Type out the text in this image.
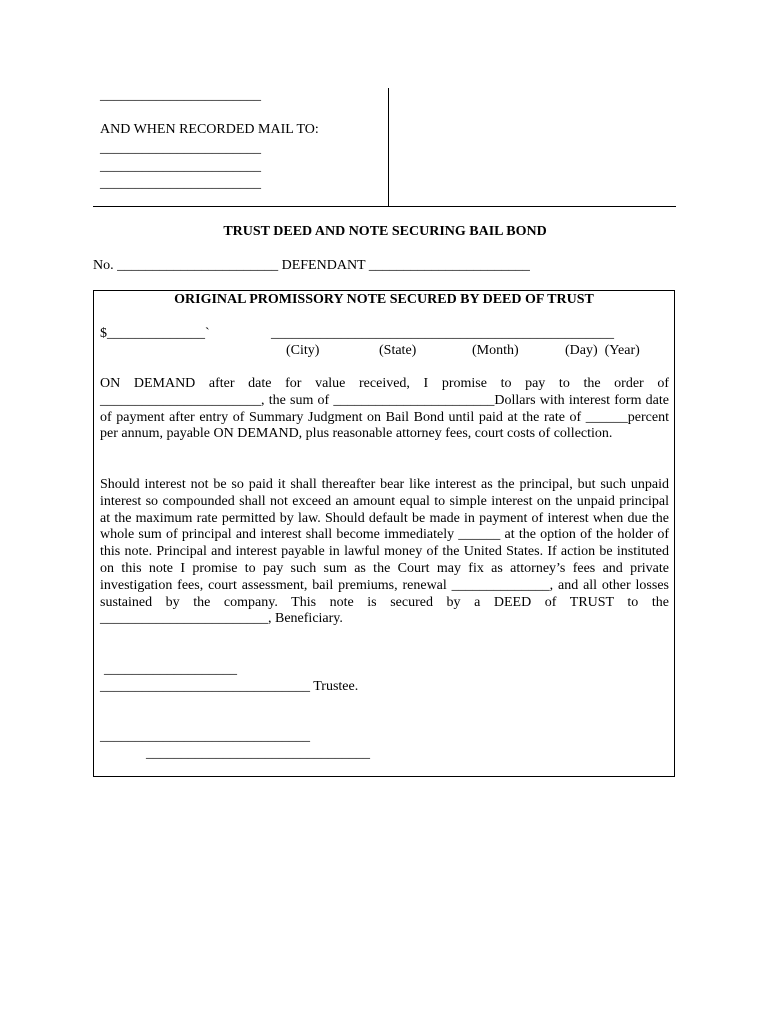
_______________________
AND WHEN RECORDED MAIL TO:
_______________________
_______________________
_______________________
TRUST DEED AND NOTE SECURING BAIL BOND
No. _______________________ DEFENDANT _______________________
ORIGINAL PROMISSORY NOTE SECURED BY DEED OF TRUST
$______________`	_________________________________________________
(City)	(State)	(Month)	(Day)  (Year)
ON DEMAND after date for value received, I promise to pay to the order of _______________________, the sum of _______________________Dollars with interest form date of payment after entry of Summary Judgment on Bail Bond until paid at the rate of ______percent per annum, payable ON DEMAND, plus reasonable attorney fees, court costs of collection.
Should interest not be so paid it shall thereafter bear like interest as the principal, but such unpaid interest so compounded shall not exceed an amount equal to simple interest on the unpaid principal at the maximum rate permitted by law. Should default be made in payment of interest when due the whole sum of principal and interest shall become immediately ______ at the option of the holder of this note. Principal and interest payable in lawful money of the United States. If action be instituted on this note I promise to pay such sum as the Court may fix as attorney’s fees and private investigation fees, court assessment, bail premiums, renewal ______________, and all other losses sustained by the company. This note is secured by a DEED of TRUST to the ________________________, Beneficiary.
___________________
______________________________ Trustee.
______________________________
________________________________
